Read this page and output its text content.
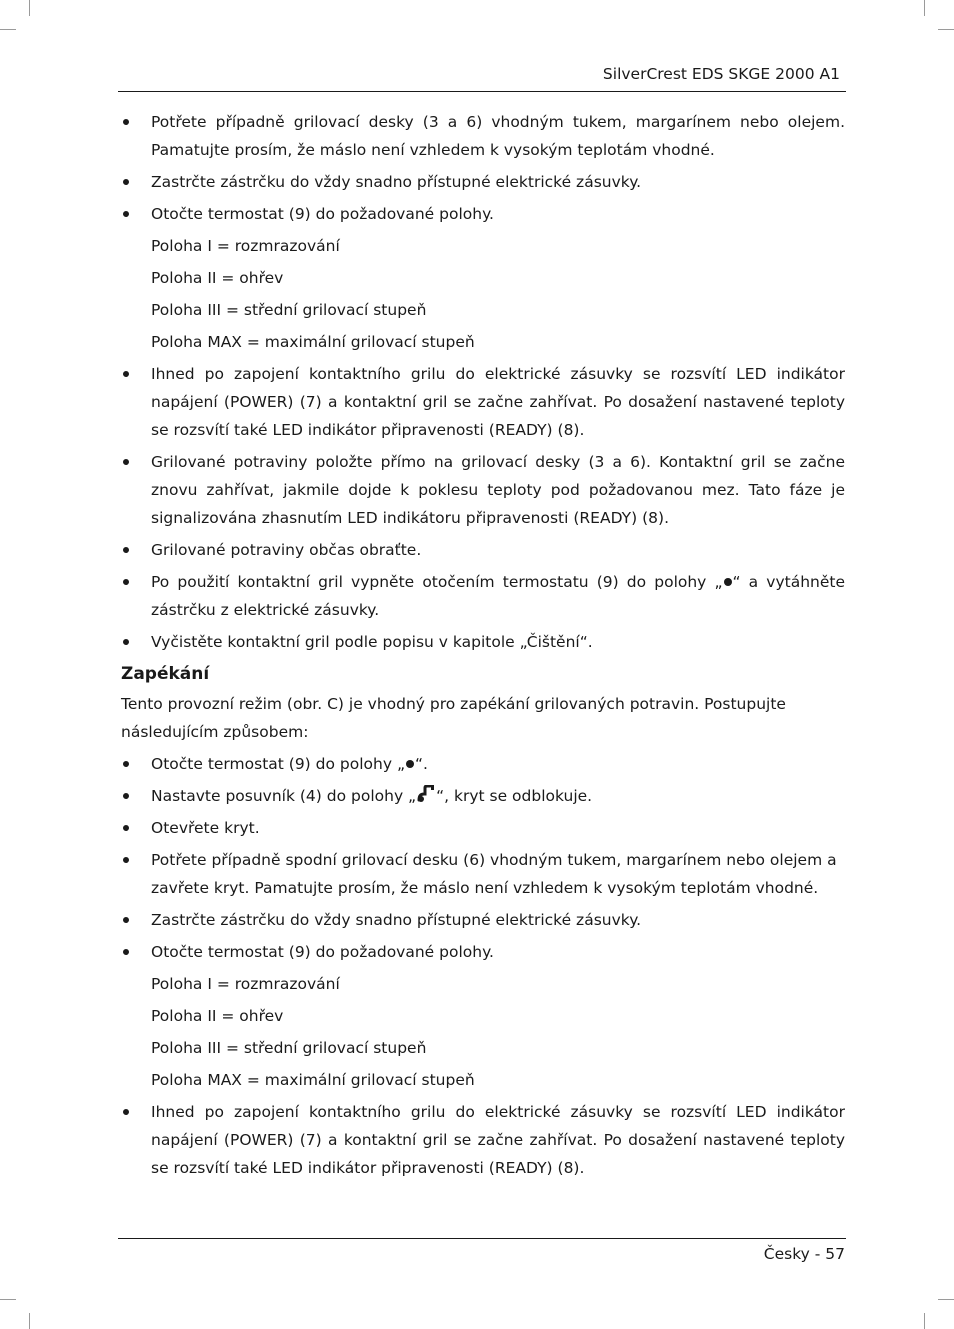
SilverCrest EDS SKGE 2000 A1
Potřete případně grilovací desky (3 a 6) vhodným tukem, margarínem nebo olejem. Pamatujte prosím, že máslo není vzhledem k vysokým teplotám vhodné.
Zastrčte zástrčku do vždy snadno přístupné elektrické zásuvky.
Otočte termostat (9) do požadované polohy.
Poloha I = rozmrazování
Poloha II = ohřev
Poloha III = střední grilovací stupeň
Poloha MAX = maximální grilovací stupeň
Ihned po zapojení kontaktního grilu do elektrické zásuvky se rozsvítí LED indikátor napájení (POWER) (7) a kontaktní gril se začne zahřívat. Po dosažení nastavené teploty se rozsvítí také LED indikátor připravenosti (READY) (8).
Grilované potraviny položte přímo na grilovací desky (3 a 6). Kontaktní gril se začne znovu zahřívat, jakmile dojde k poklesu teploty pod požadovanou mez. Tato fáze je signalizována zhasnutím LED indikátoru připravenosti (READY) (8).
Grilované potraviny občas obraťte.
Po použití kontaktní gril vypněte otočením termostatu (9) do polohy „ “ a vytáhněte zástrčku z elektrické zásuvky.
Vyčistěte kontaktní gril podle popisu v kapitole „Čištění“.
Zapékání
Tento provozní režim (obr. C) je vhodný pro zapékání grilovaných potravin. Postupujte následujícím způsobem:
Otočte termostat (9) do polohy „ “.
Nastavte posuvník (4) do polohy „ “, kryt se odblokuje.
Otevřete kryt.
Potřete případně spodní grilovací desku (6) vhodným tukem, margarínem nebo olejem a zavřete kryt. Pamatujte prosím, že máslo není vzhledem k vysokým teplotám vhodné.
Zastrčte zástrčku do vždy snadno přístupné elektrické zásuvky.
Otočte termostat (9) do požadované polohy.
Poloha I = rozmrazování
Poloha II = ohřev
Poloha III = střední grilovací stupeň
Poloha MAX = maximální grilovací stupeň
Ihned po zapojení kontaktního grilu do elektrické zásuvky se rozsvítí LED indikátor napájení (POWER) (7) a kontaktní gril se začne zahřívat. Po dosažení nastavené teploty se rozsvítí také LED indikátor připravenosti (READY) (8).
Česky - 57
